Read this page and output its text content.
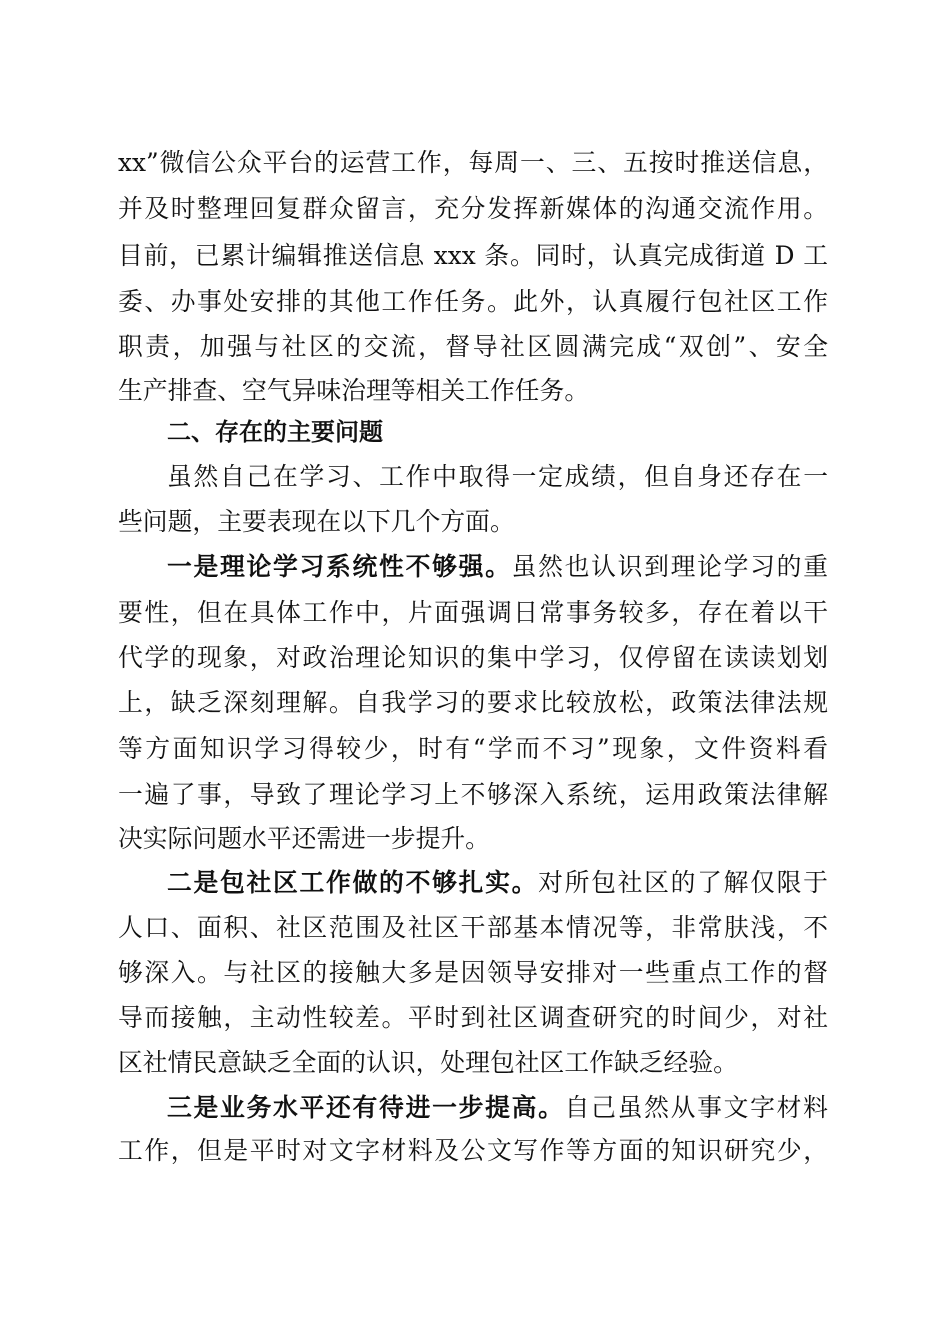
xx”微信公众平台的运营工作，每周一、三、五按时推送信息，
并及时整理回复群众留言，充分发挥新媒体的沟通交流作用。
目前，已累计编辑推送信息 xxx 条。同时，认真完成街道 D 工
委、办事处安排的其他工作任务。此外，认真履行包社区工作
职责，加强与社区的交流，督导社区圆满完成“双创”、安全
生产排查、空气异味治理等相关工作任务。
二、存在的主要问题
虽然自己在学习、工作中取得一定成绩，但自身还存在一
些问题，主要表现在以下几个方面。
一是理论学习系统性不够强。虽然也认识到理论学习的重
要性，但在具体工作中，片面强调日常事务较多，存在着以干
代学的现象，对政治理论知识的集中学习，仅停留在读读划划
上，缺乏深刻理解。自我学习的要求比较放松，政策法律法规
等方面知识学习得较少，时有“学而不习”现象，文件资料看
一遍了事，导致了理论学习上不够深入系统，运用政策法律解
决实际问题水平还需进一步提升。
二是包社区工作做的不够扎实。对所包社区的了解仅限于
人口、面积、社区范围及社区干部基本情况等，非常肤浅，不
够深入。与社区的接触大多是因领导安排对一些重点工作的督
导而接触，主动性较差。平时到社区调查研究的时间少，对社
区社情民意缺乏全面的认识，处理包社区工作缺乏经验。
三是业务水平还有待进一步提高。自己虽然从事文字材料
工作，但是平时对文字材料及公文写作等方面的知识研究少，
